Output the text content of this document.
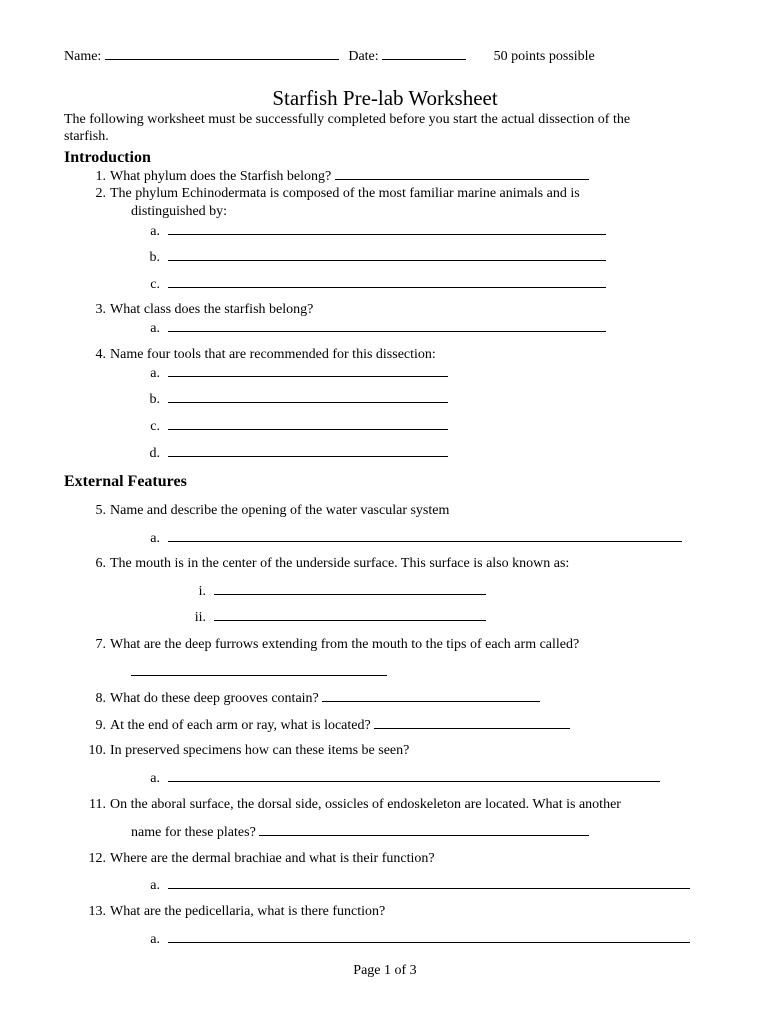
Name:	Date:	50 points possible
Starfish Pre-lab Worksheet
The following worksheet must be successfully completed before you start the actual dissection of the
starfish.
Introduction
1. What phylum does the Starfish belong?
2. The phylum Echinodermata is composed of the most familiar marine animals and is
distinguished by:
a.
b.
c.
3. What class does the starfish belong?
a.
4. Name four tools that are recommended for this dissection:
a.
b.
c.
d.
External Features
5. Name and describe the opening of the water vascular system
a.
6. The mouth is in the center of the underside surface. This surface is also known as:
i.
ii.
7. What are the deep furrows extending from the mouth to the tips of each arm called?
8. What do these deep grooves contain?
9. At the end of each arm or ray, what is located?
10. In preserved specimens how can these items be seen?
a.
11. On the aboral surface, the dorsal side, ossicles of endoskeleton are located. What is another
name for these plates?
12. Where are the dermal brachiae and what is their function?
a.
13. What are the pedicellaria, what is there function?
a.
Page 1 of 3
